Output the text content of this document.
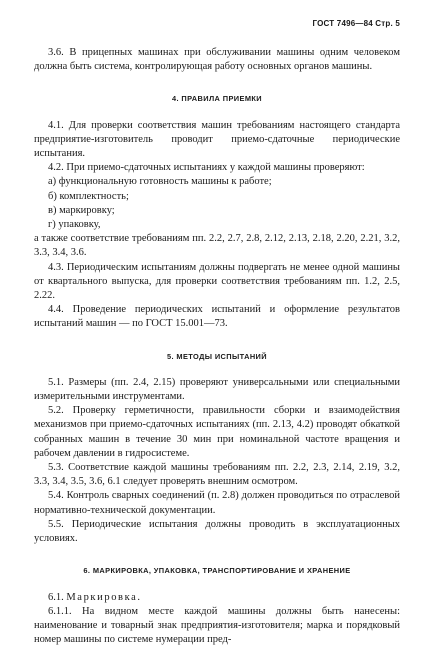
ГОСТ 7496—84 Стр. 5

3.6. В прицепных машинах при обслуживании машины одним человеком должна быть система, контролирующая работу основных органов машины.

4. ПРАВИЛА ПРИЕМКИ

4.1. Для проверки соответствия машин требованиям настоящего стандарта предприятие-изготовитель проводит приемо-сдаточные периодические испытания.

4.2. При приемо-сдаточных испытаниях у каждой машины проверяют:

а) функциональную готовность машины к работе;

б) комплектность;

в) маркировку;

г) упаковку,

а также соответствие требованиям пп. 2.2, 2.7, 2.8, 2.12, 2.13, 2.18, 2.20, 2.21, 3.2, 3.3, 3.4, 3.6.

4.3. Периодическим испытаниям должны подвергать не менее одной машины от квартального выпуска, для проверки соответствия требованиям пп. 1.2, 2.5, 2.22.

4.4. Проведение периодических испытаний и оформление результатов испытаний машин — по ГОСТ 15.001—73.

5. МЕТОДЫ ИСПЫТАНИЙ

5.1. Размеры (пп. 2.4, 2.15) проверяют универсальными или специальными измерительными инструментами.

5.2. Проверку герметичности, правильности сборки и взаимодействия механизмов при приемо-сдаточных испытаниях (пп. 2.13, 4.2) проводят обкаткой собранных машин в течение 30 мин при номинальной частоте вращения и рабочем давлении в гидросистеме.

5.3. Соответствие каждой машины требованиям пп. 2.2, 2.3, 2.14, 2.19, 3.2, 3.3, 3.4, 3.5, 3.6, 6.1 следует проверять внешним осмотром.

5.4. Контроль сварных соединений (п. 2.8) должен проводиться по отраслевой нормативно-технической документации.

5.5. Периодические испытания должны проводить в эксплуатационных условиях.

6. МАРКИРОВКА, УПАКОВКА, ТРАНСПОРТИРОВАНИЕ И ХРАНЕНИЕ

6.1. Маркировка.

6.1.1. На видном месте каждой машины должны быть нанесены: наименование и товарный знак предприятия-изготовителя; марка и порядковый номер машины по системе нумерации пред-
